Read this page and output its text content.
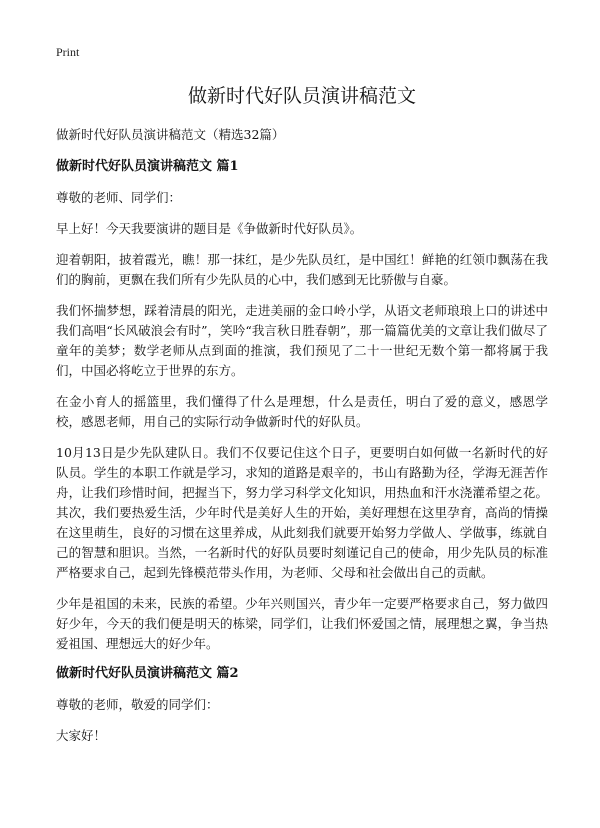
Print
做新时代好队员演讲稿范文
做新时代好队员演讲稿范文（精选32篇）
做新时代好队员演讲稿范文 篇1

尊敬的老师、同学们：

早上好！今天我要演讲的题目是《争做新时代好队员》。

迎着朝阳，披着霞光，瞧！那一抹红，是少先队员红，是中国红！鲜艳的红领巾飘荡在我们的胸前，更飘在我们所有少先队员的心中，我们感到无比骄傲与自豪。

我们怀揣梦想，踩着清晨的阳光，走进美丽的金口岭小学，从语文老师琅琅上口的讲述中我们高唱“长风破浪会有时”，笑吟“我言秋日胜春朝”，那一篇篇优美的文章让我们做尽了童年的美梦；数学老师从点到面的推演，我们预见了二十一世纪无数个第一都将属于我们，中国必将屹立于世界的东方。

在金小育人的摇篮里，我们懂得了什么是理想，什么是责任，明白了爱的意义，感恩学校，感恩老师，用自己的实际行动争做新时代的好队员。

10月13日是少先队建队日。我们不仅要记住这个日子，更要明白如何做一名新时代的好队员。学生的本职工作就是学习，求知的道路是艰辛的，书山有路勤为径，学海无涯苦作舟，让我们珍惜时间，把握当下，努力学习科学文化知识，用热血和汗水浇灌希望之花。其次，我们要热爱生活，少年时代是美好人生的开始，美好理想在这里孕育，高尚的情操在这里萌生，良好的习惯在这里养成，从此刻我们就要开始努力学做人、学做事，练就自己的智慧和胆识。当然，一名新时代的好队员要时刻谨记自己的使命，用少先队员的标准严格要求自己，起到先锋模范带头作用，为老师、父母和社会做出自己的贡献。

少年是祖国的未来，民族的希望。少年兴则国兴，青少年一定要严格要求自己，努力做四好少年，今天的我们便是明天的栋梁，同学们，让我们怀爱国之情，展理想之翼，争当热爱祖国、理想远大的好少年。

做新时代好队员演讲稿范文 篇2

尊敬的老师，敬爱的同学们：

大家好！
